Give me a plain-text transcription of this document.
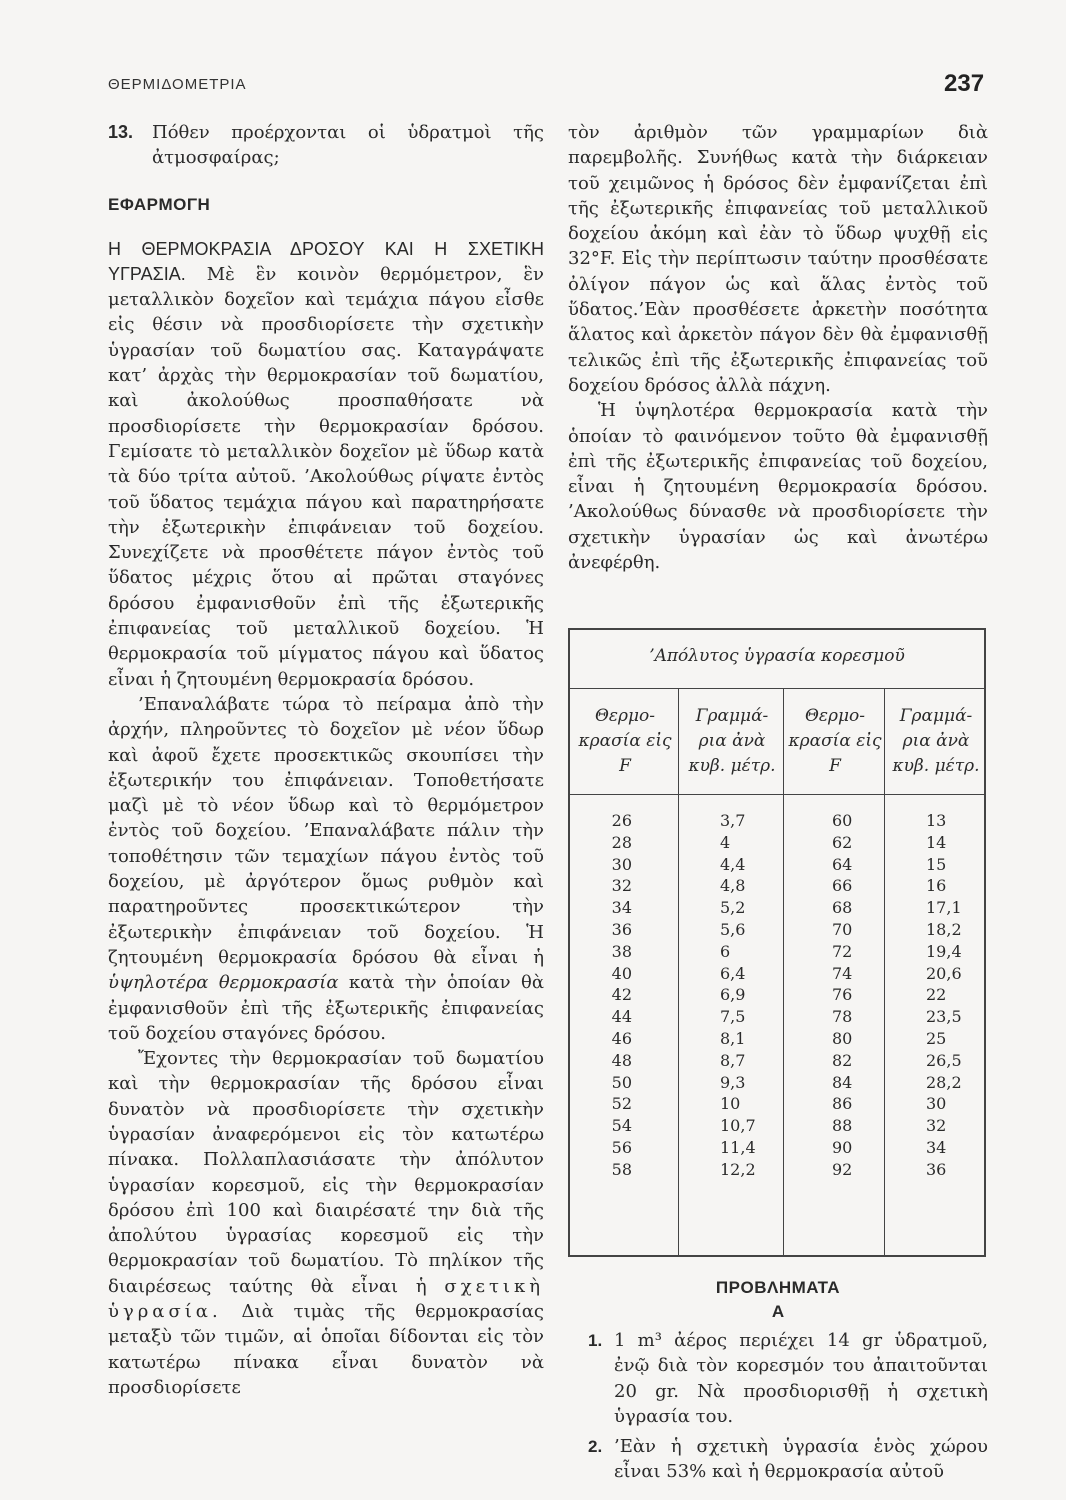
ΘΕΡΜΙΔΟΜΕΤΡΙΑ	237
13.	Πόθεν προέρχονται οἱ ὑδρατμοὶ τῆς ἀτμοσφαίρας;
ΕΦΑΡΜΟΓΗ

Η ΘΕΡΜΟΚΡΑΣΙΑ ΔΡΟΣΟΥ ΚΑΙ Η ΣΧΕΤΙΚΗ ΥΓΡΑΣΙΑ. Μὲ ἓν κοινὸν θερμόμετρον, ἓν μεταλλικὸν δοχεῖον καὶ τεμάχια πάγου εἶσθε εἰς θέσιν νὰ προσδιορίσετε τὴν σχετικὴν ὑγρασίαν τοῦ δωματίου σας. Καταγράψατε κατ’ ἀρχὰς τὴν θερμοκρασίαν τοῦ δωματίου, καὶ ἀκολούθως προσπαθήσατε νὰ προσδιορίσετε τὴν θερμοκρασίαν δρόσου. Γεμίσατε τὸ μεταλλικὸν δοχεῖον μὲ ὕδωρ κατὰ τὰ δύο τρίτα αὐτοῦ. ’Ακολούθως ρίψατε ἐντὸς τοῦ ὕδατος τεμάχια πάγου καὶ παρατηρήσατε τὴν ἐξωτερικὴν ἐπιφάνειαν τοῦ δοχείου. Συνεχίζετε νὰ προσθέτετε πάγον ἐντὸς τοῦ ὕδατος μέχρις ὅτου αἱ πρῶται σταγόνες δρόσου ἐμφανισθοῦν ἐπὶ τῆς ἐξωτερικῆς ἐπιφανείας τοῦ μεταλλικοῦ δοχείου. Ἡ θερμοκρασία τοῦ μίγματος πάγου καὶ ὕδατος εἶναι ἡ ζητουμένη θερμοκρασία δρόσου.

’Επαναλάβατε τώρα τὸ πείραμα ἀπὸ τὴν ἀρχήν, πληροῦντες τὸ δοχεῖον μὲ νέον ὕδωρ καὶ ἀφοῦ ἔχετε προσεκτικῶς σκουπίσει τὴν ἐξωτερικήν του ἐπιφάνειαν. Τοποθετήσατε μαζὶ μὲ τὸ νέον ὕδωρ καὶ τὸ θερμόμετρον ἐντὸς τοῦ δοχείου. ’Επαναλάβατε πάλιν τὴν τοποθέτησιν τῶν τεμαχίων πάγου ἐντὸς τοῦ δοχείου, μὲ ἀργότερον ὅμως ρυθμὸν καὶ παρατηροῦντες προσεκτικώτερον τὴν ἐξωτερικὴν ἐπιφάνειαν τοῦ δοχείου. Ἡ ζητουμένη θερμοκρασία δρόσου θὰ εἶναι ἡ ὑψηλοτέρα θερμοκρασία κατὰ τὴν ὁποίαν θὰ ἐμφανισθοῦν ἐπὶ τῆς ἐξωτερικῆς ἐπιφανείας τοῦ δοχείου σταγόνες δρόσου.

Ἔχοντες τὴν θερμοκρασίαν τοῦ δωματίου καὶ τὴν θερμοκρασίαν τῆς δρόσου εἶναι δυνατὸν νὰ προσδιορίσετε τὴν σχετικὴν ὑγρασίαν ἀναφερόμενοι εἰς τὸν κατωτέρω πίνακα. Πολλαπλασιάσατε τὴν ἀπόλυτον ὑγρασίαν κορεσμοῦ, εἰς τὴν θερμοκρασίαν δρόσου ἐπὶ 100 καὶ διαιρέσατέ την διὰ τῆς ἀπολύτου ὑγρασίας κορεσμοῦ εἰς τὴν θερμοκρασίαν τοῦ δωματίου. Τὸ πηλίκον τῆς διαιρέσεως ταύτης θὰ εἶναι ἡ σχετικὴ ὑγρασία. Διὰ τιμὰς τῆς θερμοκρασίας μεταξὺ τῶν τιμῶν, αἱ ὁποῖαι δίδονται εἰς τὸν κατωτέρω πίνακα εἶναι δυνατὸν νὰ προσδιορίσετε

τὸν ἀριθμὸν τῶν γραμμαρίων διὰ παρεμβολῆς. Συνήθως κατὰ τὴν διάρκειαν τοῦ χειμῶνος ἡ δρόσος δὲν ἐμφανίζεται ἐπὶ τῆς ἐξωτερικῆς ἐπιφανείας τοῦ μεταλλικοῦ δοχείου ἀκόμη καὶ ἐὰν τὸ ὕδωρ ψυχθῇ εἰς 32°F. Εἰς τὴν περίπτωσιν ταύτην προσθέσατε ὀλίγον πάγον ὡς καὶ ἅλας ἐντὸς τοῦ ὕδατος.’Εὰν προσθέσετε ἀρκετὴν ποσότητα ἅλατος καὶ ἀρκετὸν πάγον δὲν θὰ ἐμφανισθῇ τελικῶς ἐπὶ τῆς ἐξωτερικῆς ἐπιφανείας τοῦ δοχείου δρόσος ἀλλὰ πάχνη.

Ἡ ὑψηλοτέρα θερμοκρασία κατὰ τὴν ὁποίαν τὸ φαινόμενον τοῦτο θὰ ἐμφανισθῇ ἐπὶ τῆς ἐξωτερικῆς ἐπιφανείας τοῦ δοχείου, εἶναι ἡ ζητουμένη θερμοκρασία δρόσου. ’Ακολούθως δύνασθε νὰ προσδιορίσετε τὴν σχετικὴν ὑγρασίαν ὡς καὶ ἀνωτέρω ἀνεφέρθη.

’Απόλυτος ὑγρασία κορεσμοῦ
Θερμο-κρασία εἰς F
Γραμμά-ρια ἀνὰ κυβ. μέτρ.
Θερμο-κρασία εἰς F
Γραμμά-ρια ἀνὰ κυβ. μέτρ.
26
28
30
32
34
36
38
40
42
44
46
48
50
52
54
56
58
3,7
4
4,4
4,8
5,2
5,6
6
6,4
6,9
7,5
8,1
8,7
9,3
10
10,7
11,4
12,2
60
62
64
66
68
70
72
74
76
78
80
82
84
86
88
90
92
13
14
15
16
17,1
18,2
19,4
20,6
22
23,5
25
26,5
28,2
30
32
34
36
ΠΡΟΒΛΗΜΑΤΑ
Α
1. 1 m³ ἀέρος περιέχει 14 gr ὑδρατμοῦ, ἐνῷ διὰ τὸν κορεσμόν του ἀπαιτοῦνται 20 gr. Νὰ προσδιορισθῇ ἡ σχετικὴ ὑγρασία του.
2. ’Εὰν ἡ σχετικὴ ὑγρασία ἑνὸς χώρου εἶναι 53% καὶ ἡ θερμοκρασία αὐτοῦ
